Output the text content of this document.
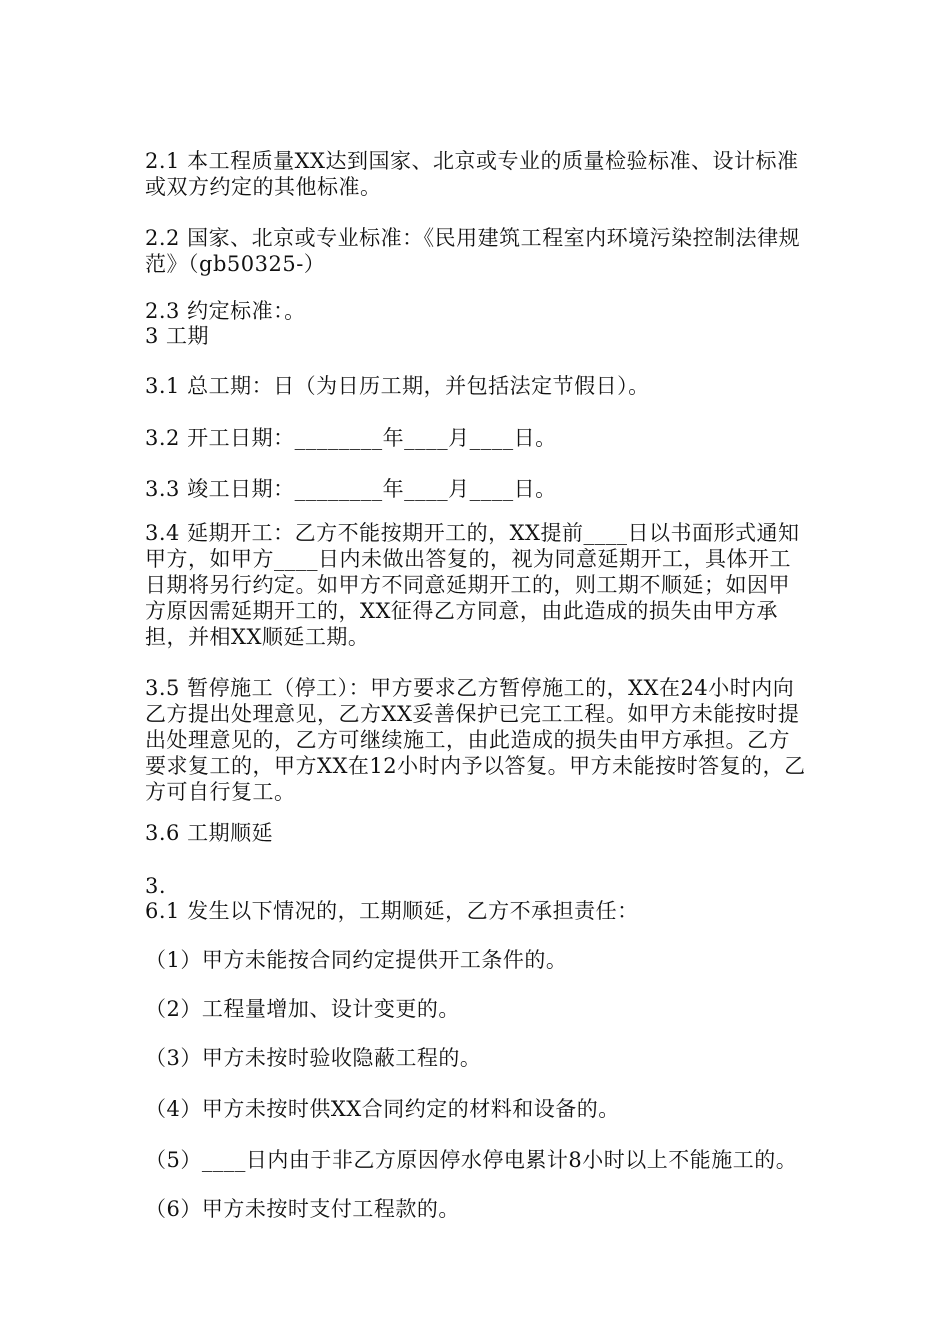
2.1 本工程质量XX达到国家、北京或专业的质量检验标准、设计标准或双方约定的其他标准。

2.2 国家、北京或专业标准：《民用建筑工程室内环境污染控制法律规范》（gb50325-）

2.3 约定标准：。

3 工期

3.1 总工期：日（为日历工期，并包括法定节假日）。

3.2 开工日期：________年____月____日。

3.3 竣工日期：________年____月____日。

3.4 延期开工：乙方不能按期开工的，XX提前____日以书面形式通知甲方，如甲方____日内未做出答复的，视为同意延期开工，具体开工日期将另行约定。如甲方不同意延期开工的，则工期不顺延；如因甲方原因需延期开工的，XX征得乙方同意，由此造成的损失由甲方承担，并相XX顺延工期。

3.5 暂停施工（停工）：甲方要求乙方暂停施工的，XX在24小时内向乙方提出处理意见，乙方XX妥善保护已完工工程。如甲方未能按时提出处理意见的，乙方可继续施工，由此造成的损失由甲方承担。乙方要求复工的，甲方XX在12小时内予以答复。甲方未能按时答复的，乙方可自行复工。

3.6 工期顺延

3.

6.1 发生以下情况的，工期顺延，乙方不承担责任：

（1）甲方未能按合同约定提供开工条件的。

（2）工程量增加、设计变更的。

（3）甲方未按时验收隐蔽工程的。

（4）甲方未按时供XX合同约定的材料和设备的。

（5）____日内由于非乙方原因停水停电累计8小时以上不能施工的。

（6）甲方未按时支付工程款的。
